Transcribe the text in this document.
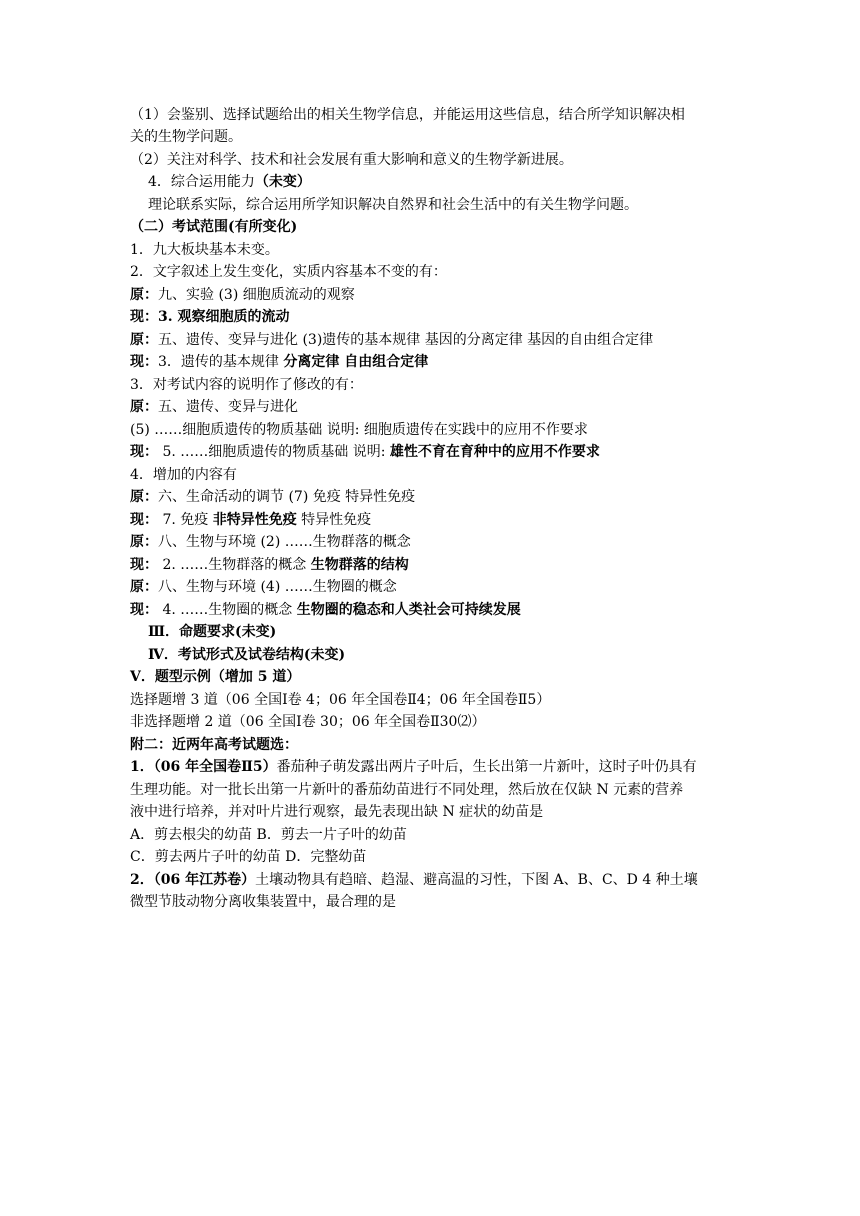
（1）会鉴别、选择试题给出的相关生物学信息，并能运用这些信息，结合所学知识解决相
关的生物学问题。
（2）关注对科学、技术和社会发展有重大影响和意义的生物学新进展。
4．综合运用能力（未变）
理论联系实际，综合运用所学知识解决自然界和社会生活中的有关生物学问题。
（二）考试范围(有所变化)
1．九大板块基本未变。
2．文字叙述上发生变化，实质内容基本不变的有：
原：九、实验 (3) 细胞质流动的观察
现：3. 观察细胞质的流动
原：五、遗传、变异与进化 (3)遗传的基本规律 基因的分离定律 基因的自由组合定律
现：3．遗传的基本规律 分离定律 自由组合定律
3．对考试内容的说明作了修改的有：
原：五、遗传、变异与进化
(5) ……细胞质遗传的物质基础 说明: 细胞质遗传在实践中的应用不作要求
现： 5. ……细胞质遗传的物质基础 说明: 雄性不育在育种中的应用不作要求
4．增加的内容有
原：六、生命活动的调节 (7) 免疫 特异性免疫
现： 7. 免疫 非特异性免疫 特异性免疫
原：八、生物与环境 (2) ……生物群落的概念
现： 2. ……生物群落的概念 生物群落的结构
原：八、生物与环境 (4) ……生物圈的概念
现： 4. ……生物圈的概念 生物圈的稳态和人类社会可持续发展
Ⅲ．命题要求(未变)
Ⅳ．考试形式及试卷结构(未变)
Ⅴ．题型示例（增加 5 道）
选择题增 3 道（06 全国Ⅰ卷 4；06 年全国卷Ⅱ4；06 年全国卷Ⅱ5）
非选择题增 2 道（06 全国Ⅰ卷 30；06 年全国卷Ⅱ30⑵）
附二：近两年高考试题选：
1．（06 年全国卷Ⅱ5）番茄种子萌发露出两片子叶后，生长出第一片新叶，这时子叶仍具有
生理功能。对一批长出第一片新叶的番茄幼苗进行不同处理，然后放在仅缺 N 元素的营养
液中进行培养，并对叶片进行观察，最先表现出缺 N 症状的幼苗是
A．剪去根尖的幼苗 B．剪去一片子叶的幼苗
C．剪去两片子叶的幼苗 D．完整幼苗
2．（06 年江苏卷）土壤动物具有趋暗、趋湿、避高温的习性，下图 A、B、C、D 4 种土壤
微型节肢动物分离收集装置中，最合理的是
